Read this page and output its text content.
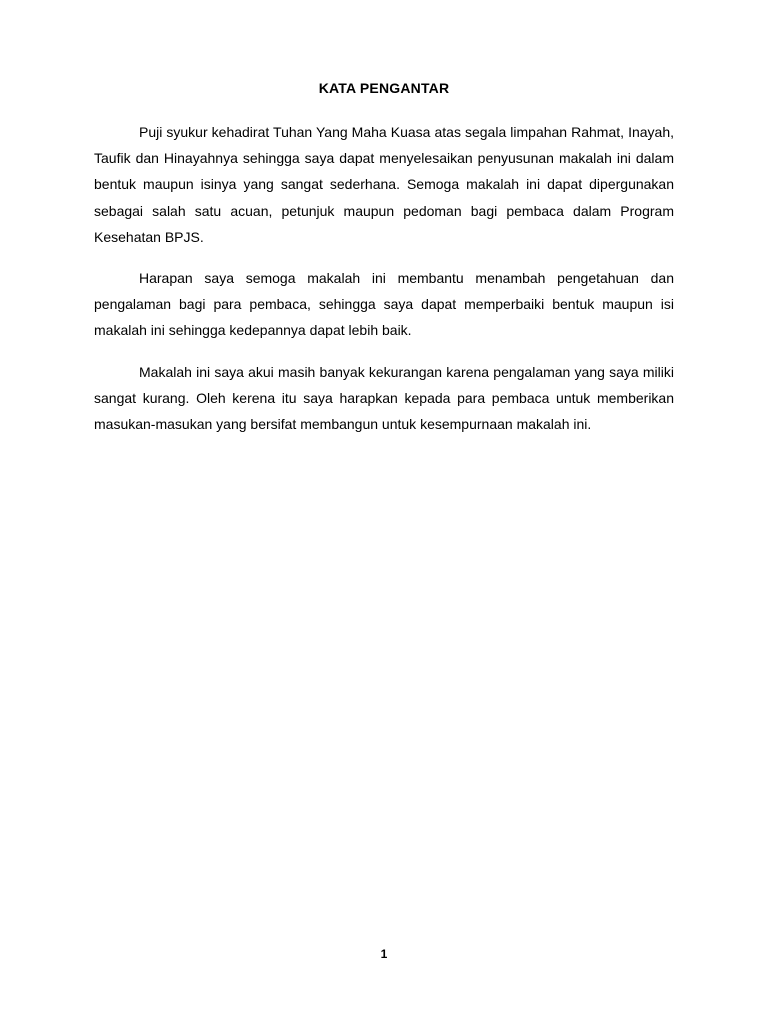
KATA PENGANTAR

Puji syukur kehadirat Tuhan Yang Maha Kuasa atas segala limpahan Rahmat, Inayah, Taufik dan Hinayahnya sehingga saya dapat menyelesaikan penyusunan makalah ini dalam bentuk maupun isinya yang sangat sederhana. Semoga makalah ini dapat dipergunakan sebagai salah satu acuan, petunjuk maupun pedoman bagi pembaca dalam Program Kesehatan BPJS.

Harapan saya semoga makalah ini membantu menambah pengetahuan dan pengalaman bagi para pembaca, sehingga saya dapat memperbaiki bentuk maupun isi makalah ini sehingga kedepannya dapat lebih baik.

Makalah ini saya akui masih banyak kekurangan karena pengalaman yang saya miliki sangat kurang. Oleh kerena itu saya harapkan kepada para pembaca untuk memberikan masukan-masukan yang bersifat membangun untuk kesempurnaan makalah ini.

1
